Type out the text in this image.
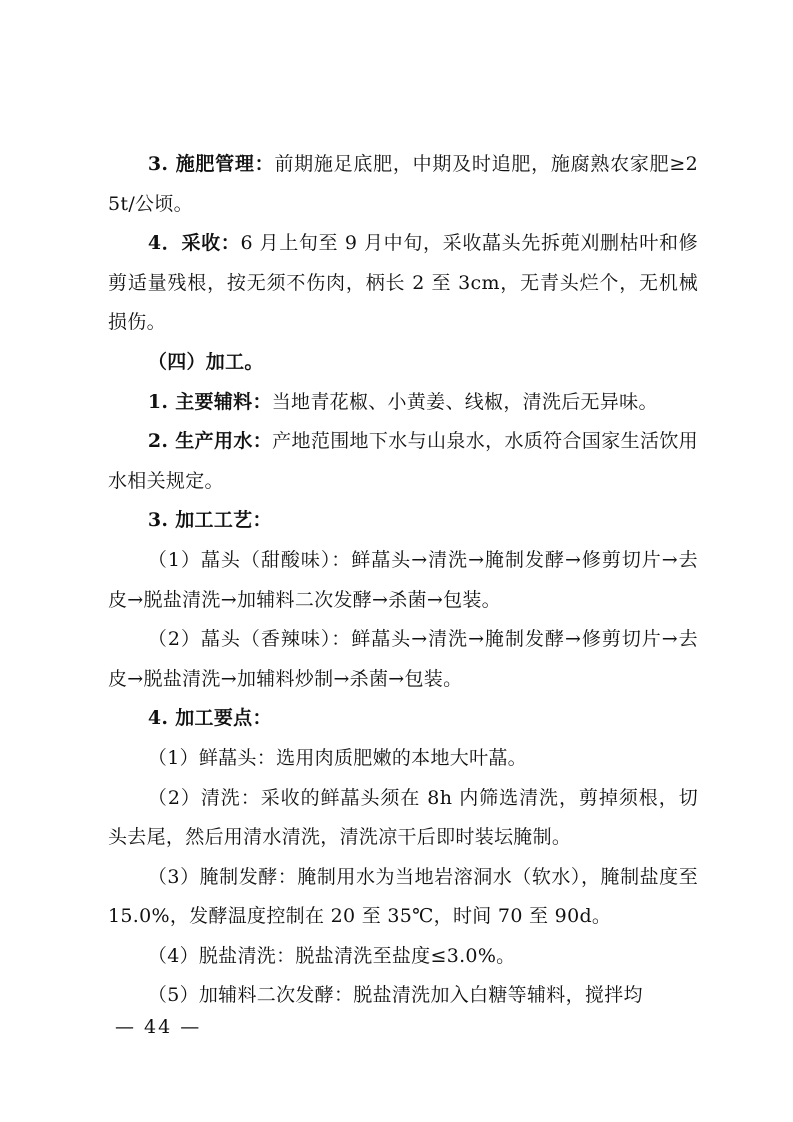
3. 施肥管理：前期施足底肥，中期及时追肥，施腐熟农家肥≥25t/公顷。

4．采收：6 月上旬至 9 月中旬，采收蕌头先拆蔸刈删枯叶和修剪适量残根，按无须不伤肉，柄长 2 至 3cm，无青头烂个，无机械损伤。

（四）加工。

1. 主要辅料：当地青花椒、小黄姜、线椒，清洗后无异味。

2. 生产用水：产地范围地下水与山泉水，水质符合国家生活饮用水相关规定。

3. 加工工艺：

（1）蕌头（甜酸味）：鲜蕌头→清洗→腌制发酵→修剪切片→去皮→脱盐清洗→加辅料二次发酵→杀菌→包装。

（2）蕌头（香辣味）：鲜蕌头→清洗→腌制发酵→修剪切片→去皮→脱盐清洗→加辅料炒制→杀菌→包装。

4. 加工要点：

（1）鲜蕌头：选用肉质肥嫩的本地大叶蕌。

（2）清洗：采收的鲜蕌头须在 8h 内筛选清洗，剪掉须根，切头去尾，然后用清水清洗，清洗凉干后即时装坛腌制。

（3）腌制发酵：腌制用水为当地岩溶洞水（软水），腌制盐度至 15.0%，发酵温度控制在 20 至 35℃，时间 70 至 90d。

（4）脱盐清洗：脱盐清洗至盐度≤3.0%。

（5）加辅料二次发酵：脱盐清洗加入白糖等辅料，搅拌均

— 44 —
